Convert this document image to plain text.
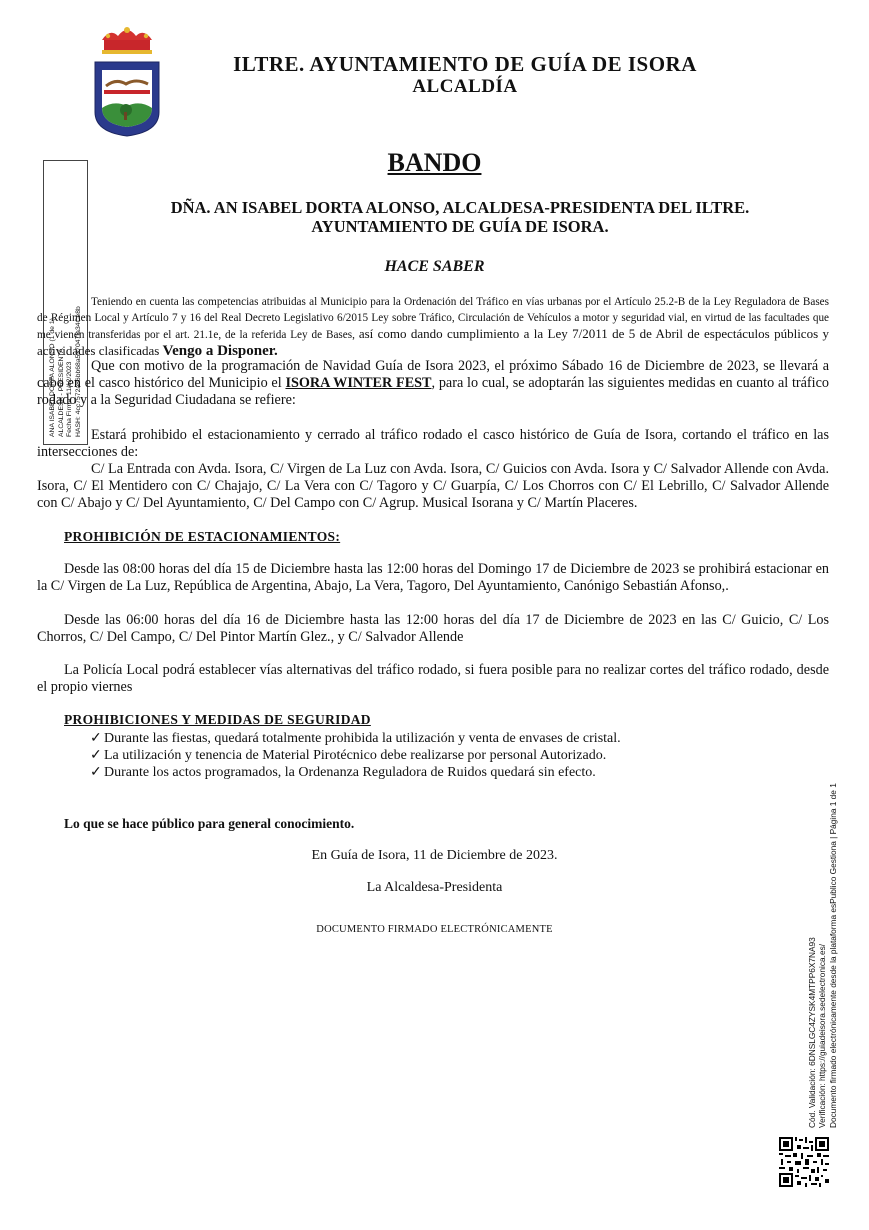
ILTRE. AYUNTAMIENTO DE GUÍA DE ISORA
ALCALDÍA
BANDO
DÑA. AN ISABEL DORTA ALONSO, ALCALDESA-PRESIDENTA DEL ILTRE. AYUNTAMIENTO DE GUÍA DE ISORA.
HACE SABER
ANA ISABEL DORTA ALONSO (1 de 1) ALCALDESA - PRESIDENTA Fecha Firma: 11/12/2023 HASH: 4cc7572a86bb68a537047fa34Ce8b
Teniendo en cuenta las competencias atribuidas al Municipio para la Ordenación del Tráfico en vías urbanas por el Artículo 25.2-B de la Ley Reguladora de Bases de Régimen Local y Artículo 7 y 16 del Real Decreto Legislativo 6/2015 Ley sobre Tráfico, Circulación de Vehículos a motor y seguridad vial, en virtud de las facultades que me vienen transferidas por el art. 21.1e, de la referida Ley de Bases, así como dando cumplimiento a la Ley 7/2011 de 5 de Abril de espectáculos públicos y actividades clasificadas Vengo a Disponer.
Que con motivo de la programación de Navidad Guía de Isora 2023, el próximo Sábado 16 de Diciembre de 2023, se llevará a cabo en el casco histórico del Municipio el ISORA WINTER FEST, para lo cual, se adoptarán las siguientes medidas en cuanto al tráfico rodado y a la Seguridad Ciudadana se refiere:
Estará prohibido el estacionamiento y cerrado al tráfico rodado el casco histórico de Guía de Isora, cortando el tráfico en las intersecciones de:
C/ La Entrada con Avda. Isora, C/ Virgen de La Luz con Avda. Isora, C/ Guicios con Avda. Isora y C/ Salvador Allende con Avda. Isora, C/ El Mentidero con C/ Chajajo, C/ La Vera con C/ Tagoro y C/ Guarpía, C/ Los Chorros con C/ El Lebrillo, C/ Salvador Allende con C/ Abajo y C/ Del Ayuntamiento, C/ Del Campo con C/ Agrup. Musical Isorana y C/ Martín Placeres.
PROHIBICIÓN DE ESTACIONAMIENTOS:
Desde las 08:00 horas del día 15 de Diciembre hasta las 12:00 horas del Domingo 17 de Diciembre de 2023 se prohibirá estacionar en la C/ Virgen de La Luz, República de Argentina, Abajo, La Vera, Tagoro, Del Ayuntamiento, Canónigo Sebastián Afonso,.
Desde las 06:00 horas del día 16 de Diciembre hasta las 12:00 horas del día 17 de Diciembre de 2023 en las C/ Guicio, C/ Los Chorros, C/ Del Campo, C/ Del Pintor Martín Glez., y C/ Salvador Allende
La Policía Local podrá establecer vías alternativas del tráfico rodado, si fuera posible para no realizar cortes del tráfico rodado, desde el propio viernes
PROHIBICIONES Y MEDIDAS DE SEGURIDAD
✓ Durante las fiestas, quedará totalmente prohibida la utilización y venta de envases de cristal.
✓ La utilización y tenencia de Material Pirotécnico debe realizarse por personal Autorizado.
✓ Durante los actos programados, la Ordenanza Reguladora de Ruidos quedará sin efecto.
Lo que se hace público para general conocimiento.
En Guía de Isora, 11 de Diciembre de 2023.
La Alcaldesa-Presidenta
DOCUMENTO FIRMADO ELECTRÓNICAMENTE
Cód. Validación: 6DNSLGC4ZYSK4MTPP6X7NA93 Verificación: https://guiadeisora.sedelectronica.es/ Documento firmado electrónicamente desde la plataforma esPublico Gestiona | Página 1 de 1
